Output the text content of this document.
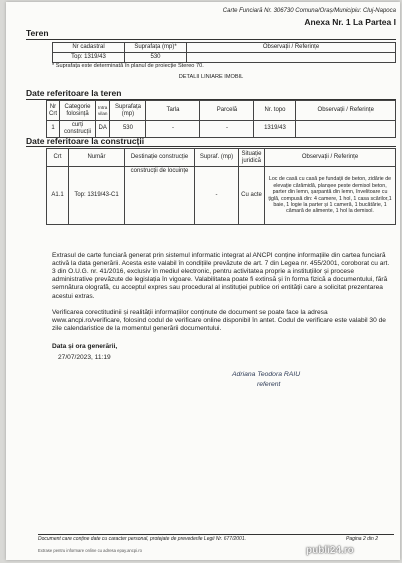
Carte Funciară Nr. 306730 Comuna/Oraș/Municipiu: Cluj-Napoca
Anexa Nr. 1 La Partea I
Teren
Nr cadastral	Suprafața (mp)*	Observații / Referințe
Top: 1319/43	530	
* Suprafața este determinată în planul de proiecție Stereo 70.
DETALII LINIARE IMOBIL
Date referitoare la teren
Nr Crt	Categorie folosință	Intra vilan	Suprafața (mp)	Tarla	Parcelă	Nr. topo	Observații / Referințe
1	curți construcții	DA	530	-	-	1319/43	
Date referitoare la construcții
Crt	Număr	Destinație construcție	Supraf. (mp)	Situație juridică	Observații / Referințe
A1.1	Top: 1319/43-C1	construcții de locuințe	-	Cu acte	Loc de casă cu casă pe fundații de beton, zidărie de elevație cărămidă, planșee peste demisol beton, parter din lemn, șarpantă din lemn, învelitoare cu țiglă, compusă din: 4 camere, 1 hol, 1 casa scărilor,1 baie, 1 logie la parter și 1 cameră, 1 bucătărie, 1 cămară de alimente, 1 hol la demisol.
Extrasul de carte funciară generat prin sistemul informatic integrat al ANCPI conține informațiile din cartea funciară activă la data generării. Acesta este valabil în condițiile prevăzute de art. 7 din Legea nr. 455/2001, coroborat cu art. 3 din O.U.G. nr. 41/2016, exclusiv în mediul electronic, pentru activitatea proprie a instituțiilor și procese administrative prevăzute de legislația în vigoare. Valabilitatea poate fi extinsă și în forma fizică a documentului, fără semnătura olografă, cu acceptul expres sau procedural al instituției publice ori entității care a solicitat prezentarea acestui extras.
Verificarea corectitudinii și realității informațiilor conținute de document se poate face la adresa www.ancpi.ro/verificare, folosind codul de verificare online disponibil în antet. Codul de verificare este valabil 30 de zile calendaristice de la momentul generării documentului.
Data și ora generării,
27/07/2023, 11:19
Adriana Teodora RAIU
referent
Document care conține date cu caracter personal, protejate de prevederile Legii Nr. 677/2001.	Pagina 2 din 2
Extrase pentru informare online cu adresa epay.ancpi.ro	publi24.ro
